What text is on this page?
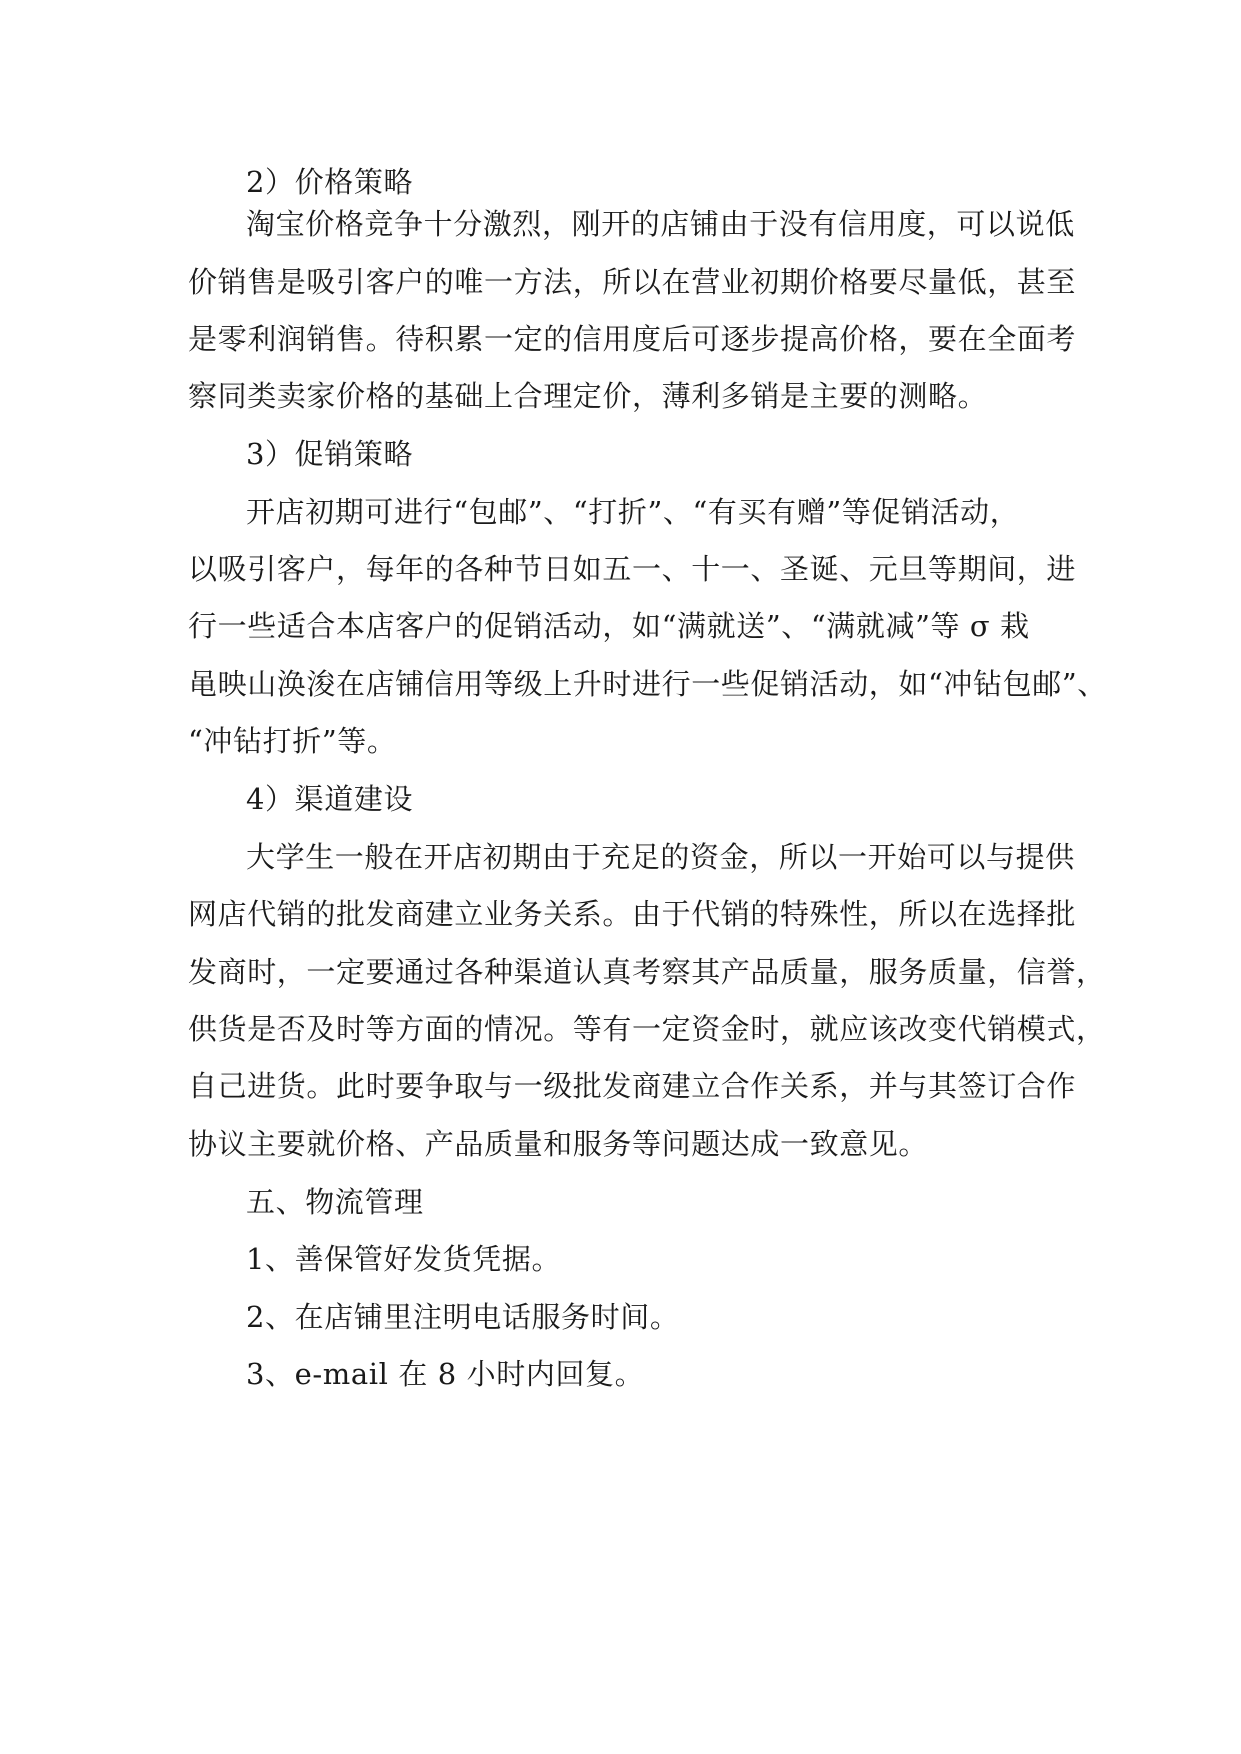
2）价格策略
淘宝价格竞争十分激烈，刚开的店铺由于没有信用度，可以说低
价销售是吸引客户的唯一方法，所以在营业初期价格要尽量低，甚至
是零利润销售。待积累一定的信用度后可逐步提高价格，要在全面考
察同类卖家价格的基础上合理定价，薄利多销是主要的测略。
3）促销策略
开店初期可进行“包邮”、“打折”、“有买有赠”等促销活动，
以吸引客户，每年的各种节日如五一、十一、圣诞、元旦等期间，进
行一些适合本店客户的促销活动，如“满就送”、“满就减”等 σ 栽
黾映山涣浚在店铺信用等级上升时进行一些促销活动，如“冲钻包邮”、
“冲钻打折”等。
4）渠道建设
大学生一般在开店初期由于充足的资金，所以一开始可以与提供
网店代销的批发商建立业务关系。由于代销的特殊性，所以在选择批
发商时，一定要通过各种渠道认真考察其产品质量，服务质量，信誉，
供货是否及时等方面的情况。等有一定资金时，就应该改变代销模式，
自己进货。此时要争取与一级批发商建立合作关系，并与其签订合作
协议主要就价格、产品质量和服务等问题达成一致意见。
五、物流管理
1、善保管好发货凭据。
2、在店铺里注明电话服务时间。
3、e-mail 在 8 小时内回复。
